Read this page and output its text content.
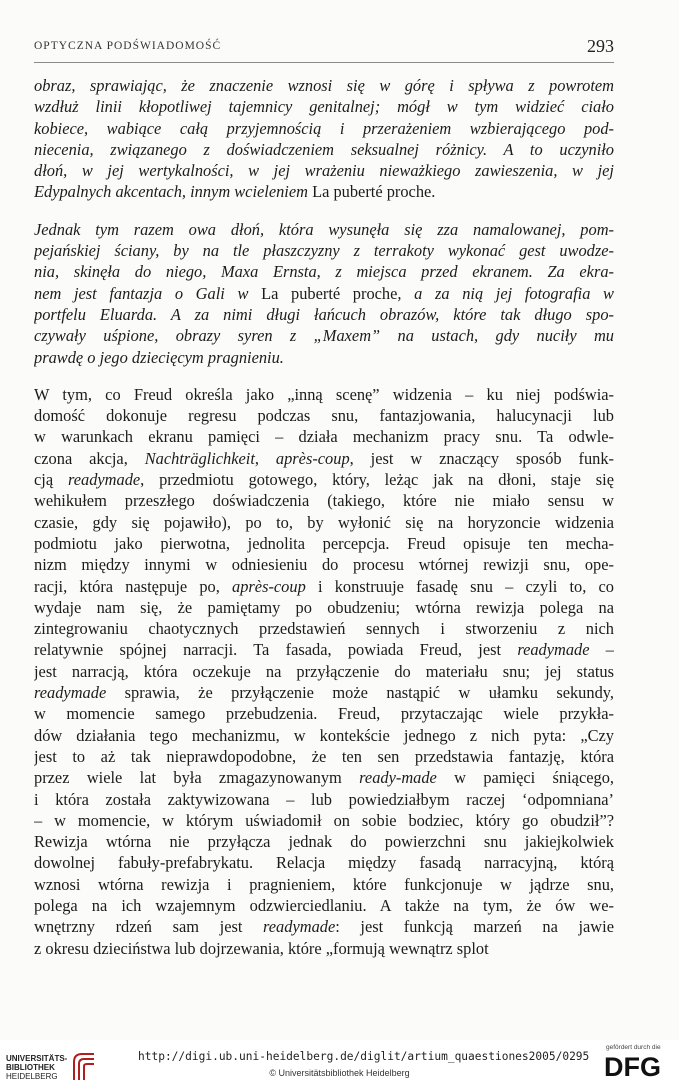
OPTYCZNA PODŚWIADOMOŚĆ	293
obraz, sprawiając, że znaczenie wznosi się w górę i spływa z powrotem
wzdłuż linii kłopotliwej tajemnicy genitalnej; mógł w tym widzieć ciało
kobiece, wabiące całą przyjemnością i przerażeniem wzbierającego pod-
niecenia, związanego z doświadczeniem seksualnej różnicy. A to uczyniło
dłoń, w jej wertykalności, w jej wrażeniu nieważkiego zawieszenia, w jej
Edypalnych akcentach, innym wcieleniem La puberté proche.
Jednak tym razem owa dłoń, która wysunęła się zza namalowanej, pom-
pejańskiej ściany, by na tle płaszczyzny z terrakoty wykonać gest uwodze-
nia, skinęła do niego, Maxa Ernsta, z miejsca przed ekranem. Za ekra-
nem jest fantazja o Gali w La puberté proche, a za nią jej fotografia w
portfelu Eluarda. A za nimi długi łańcuch obrazów, które tak długo spo-
czywały uśpione, obrazy syren z „Maxem” na ustach, gdy nuciły mu
prawdę o jego dziecięcym pragnieniu.
W tym, co Freud określa jako „inną scenę” widzenia – ku niej podświa-
domość dokonuje regresu podczas snu, fantazjowania, halucynacji lub
w warunkach ekranu pamięci – działa mechanizm pracy snu. Ta odwle-
czona akcja, Nachträglichkeit, après-coup, jest w znaczący sposób funk-
cją readymade, przedmiotu gotowego, który, leżąc jak na dłoni, staje się
wehikułem przeszłego doświadczenia (takiego, które nie miało sensu w
czasie, gdy się pojawiło), po to, by wyłonić się na horyzoncie widzenia
podmiotu jako pierwotna, jednolita percepcja. Freud opisuje ten mecha-
nizm między innymi w odniesieniu do procesu wtórnej rewizji snu, ope-
racji, która następuje po, après-coup i konstruuje fasadę snu – czyli to, co
wydaje nam się, że pamiętamy po obudzeniu; wtórna rewizja polega na
zintegrowaniu chaotycznych przedstawień sennych i stworzeniu z nich
relatywnie spójnej narracji. Ta fasada, powiada Freud, jest readymade –
jest narracją, która oczekuje na przyłączenie do materiału snu; jej status
readymade sprawia, że przyłączenie może nastąpić w ułamku sekundy,
w momencie samego przebudzenia. Freud, przytaczając wiele przykła-
dów działania tego mechanizmu, w kontekście jednego z nich pyta: „Czy
jest to aż tak nieprawdopodobne, że ten sen przedstawia fantazję, która
przez wiele lat była zmagazynowanym ready-made w pamięci śniącego,
i która została zaktywizowana – lub powiedziałbym raczej ‘odpomniana’
– w momencie, w którym uświadomił on sobie bodziec, który go obudził”?
Rewizja wtórna nie przyłącza jednak do powierzchni snu jakiejkolwiek
dowolnej fabuły-prefabrykatu. Relacja między fasadą narracyjną, którą
wznosi wtórna rewizja i pragnieniem, które funkcjonuje w jądrze snu,
polega na ich wzajemnym odzwierciedlaniu. A także na tym, że ów we-
wnętrzny rdzeń sam jest readymade: jest funkcją marzeń na jawie
z okresu dzieciństwa lub dojrzewania, które „formują wewnątrz splot
UNIVERSITÄTS-
BIBLIOTHEK
HEIDELBERG
http://digi.ub.uni-heidelberg.de/diglit/artium_quaestiones2005/0295
© Universitätsbibliothek Heidelberg
gefördert durch die
DFG
